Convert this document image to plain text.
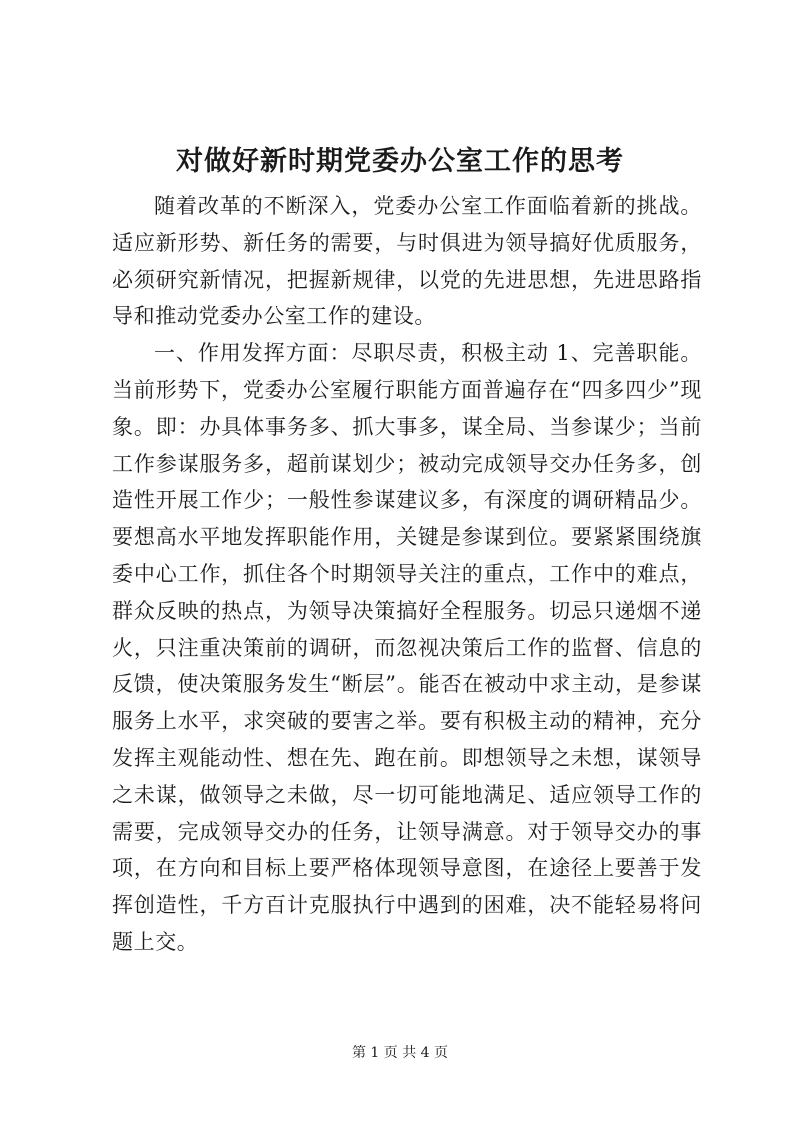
对做好新时期党委办公室工作的思考

随着改革的不断深入，党委办公室工作面临着新的挑战。适应新形势、新任务的需要，与时俱进为领导搞好优质服务，必须研究新情况，把握新规律，以党的先进思想，先进思路指导和推动党委办公室工作的建设。

一、作用发挥方面：尽职尽责，积极主动 1、完善职能。当前形势下，党委办公室履行职能方面普遍存在“四多四少”现象。即：办具体事务多、抓大事多，谋全局、当参谋少；当前工作参谋服务多，超前谋划少；被动完成领导交办任务多，创造性开展工作少；一般性参谋建议多，有深度的调研精品少。要想高水平地发挥职能作用，关键是参谋到位。要紧紧围绕旗委中心工作，抓住各个时期领导关注的重点，工作中的难点，群众反映的热点，为领导决策搞好全程服务。切忌只递烟不递火，只注重决策前的调研，而忽视决策后工作的监督、信息的反馈，使决策服务发生“断层”。能否在被动中求主动，是参谋服务上水平，求突破的要害之举。要有积极主动的精神，充分发挥主观能动性、想在先、跑在前。即想领导之未想，谋领导之未谋，做领导之未做，尽一切可能地满足、适应领导工作的需要，完成领导交办的任务，让领导满意。对于领导交办的事项，在方向和目标上要严格体现领导意图，在途径上要善于发挥创造性，千方百计克服执行中遇到的困难，决不能轻易将问题上交。

第 1 页 共 4 页
